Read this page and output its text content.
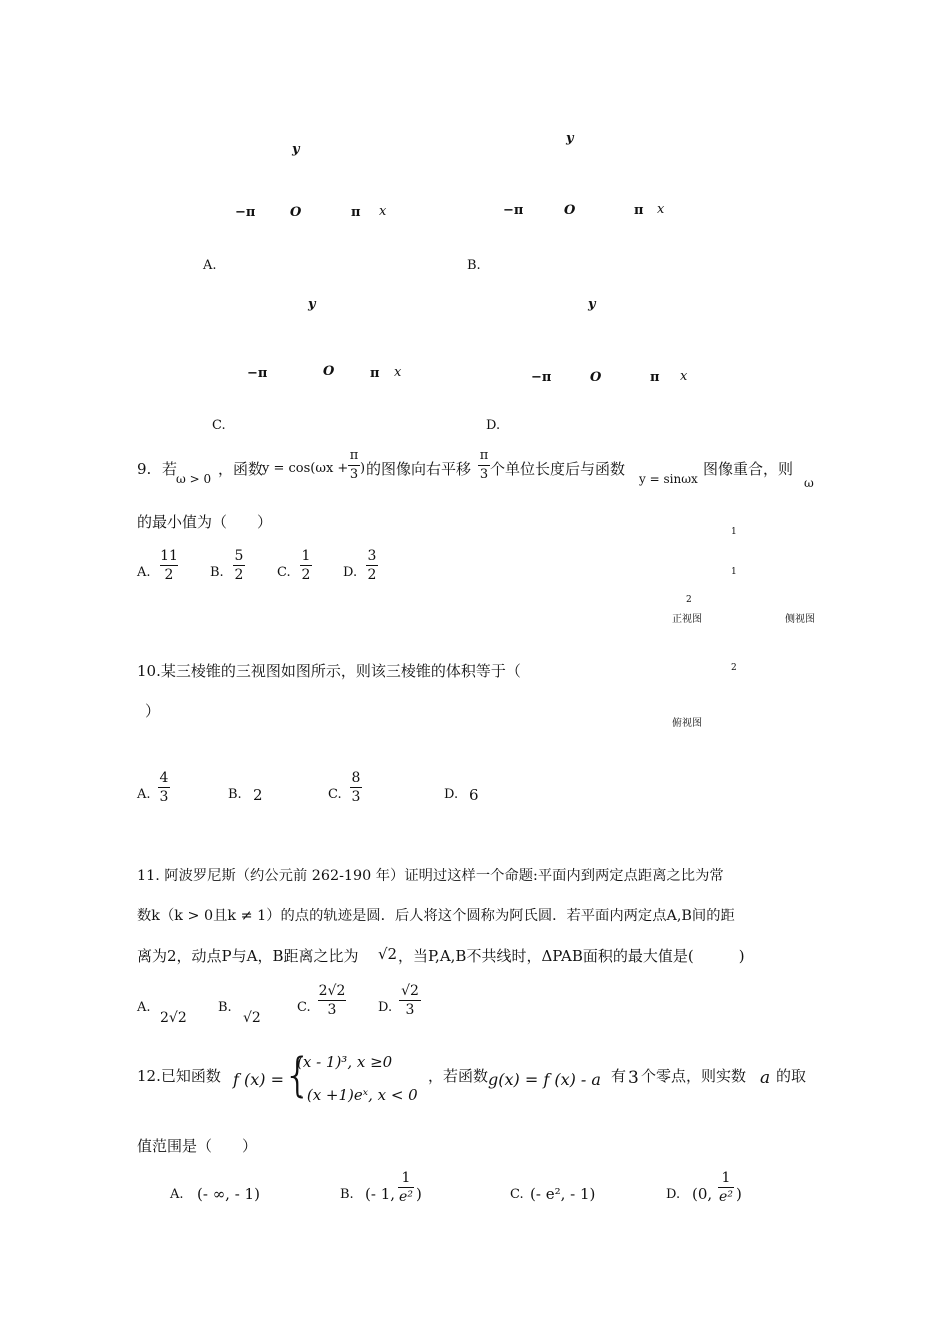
y
−π	O	π x
A.
y
−π	O	π x
B.
y
−π	O	π x
C.
y
−π	O	π x
D.
9. 若
ω > 0
，函数
y = cos(ωx +
π
3 ) 的图像向右平移
π
3 个单位长度后与函数
y = sinωx
图像重合，则
ω
的最小值为（　　）
A.
11
2	B.
5
2	C.
1
2	D.
3
2
1
1
2
正视图	侧视图
2
俯视图
10.某三棱锥的三视图如图所示，则该三棱锥的体积等于（
）
A.
4
3	B. 2	C.
8
3	D. 6
11. 阿波罗尼斯（约公元前 262-190 年）证明过这样一个命题:平面内到两定点距离之比为常
数k（k > 0且k ≠ 1）的点的轨迹是圆．后人将这个圆称为阿氏圆．若平面内两定点A,B间的距
离为2，动点P与A，B距离之比为 √2 ，当P,A,B不共线时，ΔPAB面积的最大值是(　　　)
A.
2√2
B.
√2
C.
2√2
3	D.
√2
3
12.已知函数 f (x) =
{
(x - 1)³, x ≥0
- (x +1)eˣ, x < 0
，若函数 g(x) = f (x) - a 有 3 个零点，则实数 a 的取
值范围是（　　）
A. (- ∞, - 1)	B. (- 1,
1
e² )	C. (- e², - 1)	D. (0,
1
e² )
